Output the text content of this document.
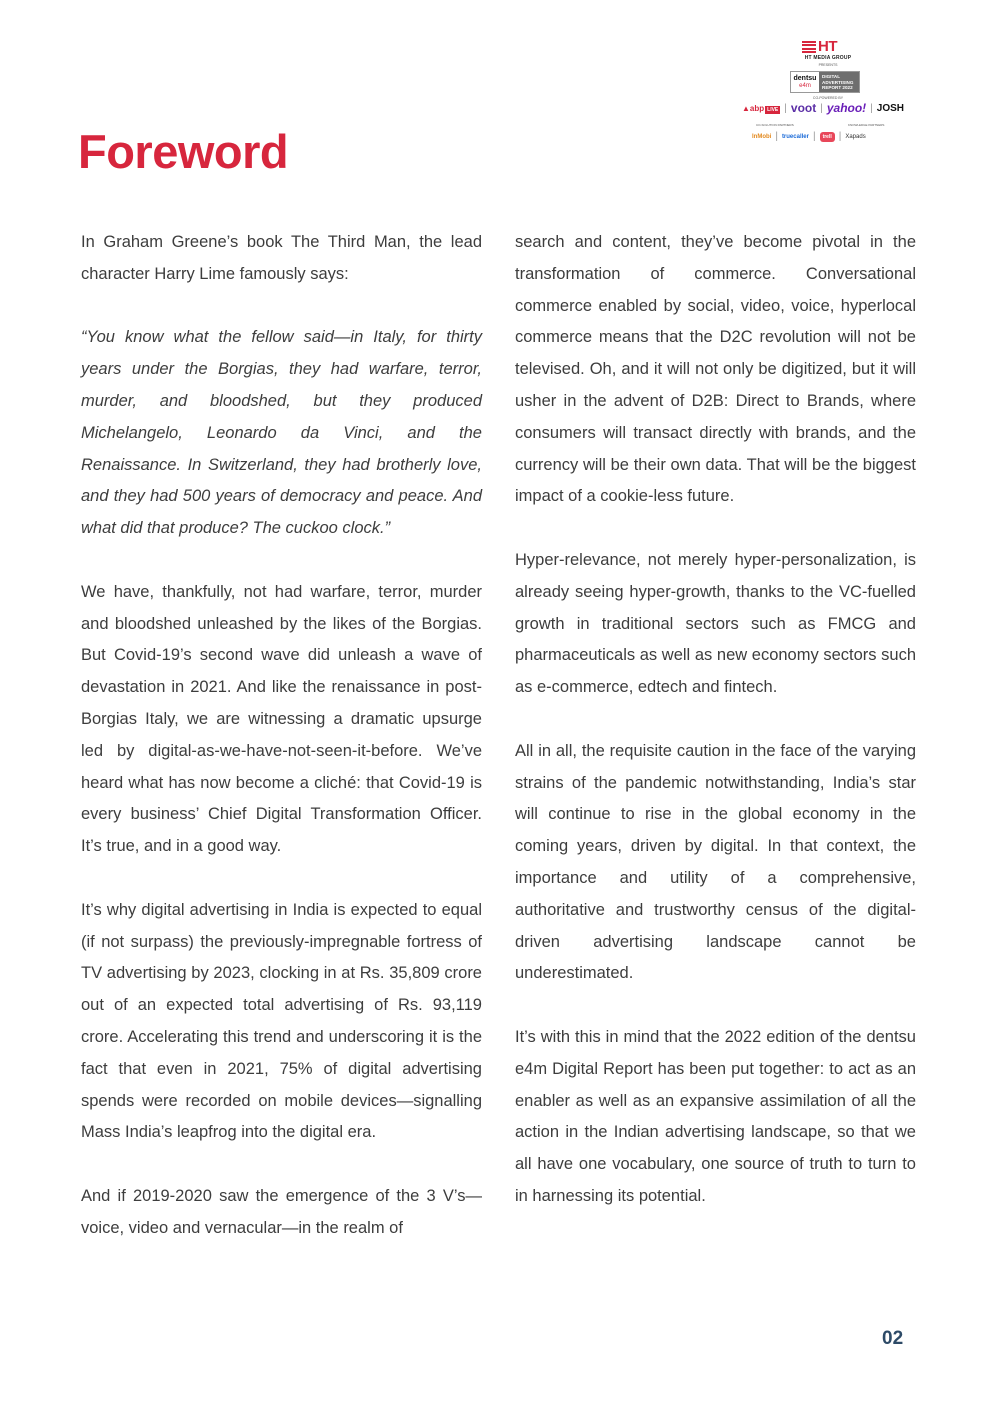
HT
HT MEDIA GROUP
PRESENTS
dentsu
e4m
DIGITAL
ADVERTISING
REPORT 2022
CO-POWERED BY
▲abp LIVE | voot | yahoo! | JOSH
CO-SOLUTION PARTNERS	KNOWLEDGE PARTNERS
InMobi | truecaller |	trell | Xapads
Foreword

In Graham Greene’s book The Third Man, the lead character Harry Lime famously says:

“You know what the fellow said—in Italy, for thirty years under the Borgias, they had warfare, terror, murder, and bloodshed, but they produced Michelangelo, Leonardo da Vinci, and the Renaissance. In Switzerland, they had brotherly love, and they had 500 years of democracy and peace. And what did that produce? The cuckoo clock.”

We have, thankfully, not had warfare, terror, murder and bloodshed unleashed by the likes of the Borgias. But Covid-19’s second wave did unleash a wave of devastation in 2021. And like the renaissance in post-Borgias Italy, we are witnessing a dramatic upsurge led by digital-as-we-have-not-seen-it-before. We’ve heard what has now become a cliché: that Covid-19 is every business’ Chief Digital Transformation Officer. It’s true, and in a good way.

It’s why digital advertising in India is expected to equal (if not surpass) the previously-impregnable fortress of TV advertising by 2023, clocking in at Rs. 35,809 crore out of an expected total advertising of Rs. 93,119 crore. Accelerating this trend and underscoring it is the fact that even in 2021, 75% of digital advertising spends were recorded on mobile devices—signalling Mass India’s leapfrog into the digital era.

And if 2019-2020 saw the emergence of the 3 V’s—voice, video and vernacular—in the realm of

search and content, they’ve become pivotal in the transformation of commerce. Conversational commerce enabled by social, video, voice, hyperlocal commerce means that the D2C revolution will not be televised. Oh, and it will not only be digitized, but it will usher in the advent of D2B: Direct to Brands, where consumers will transact directly with brands, and the currency will be their own data. That will be the biggest impact of a cookie-less future.

Hyper-relevance, not merely hyper-personalization, is already seeing hyper-growth, thanks to the VC-fuelled growth in traditional sectors such as FMCG and pharmaceuticals as well as new economy sectors such as e-commerce, edtech and fintech.

All in all, the requisite caution in the face of the varying strains of the pandemic notwithstanding, India’s star will continue to rise in the global economy in the coming years, driven by digital. In that context, the importance and utility of a comprehensive, authoritative and trustworthy census of the digital-driven advertising landscape cannot be underestimated.

It’s with this in mind that the 2022 edition of the dentsu e4m Digital Report has been put together: to act as an enabler as well as an expansive assimilation of all the action in the Indian advertising landscape, so that we all have one vocabulary, one source of truth to turn to in harnessing its potential.

02
